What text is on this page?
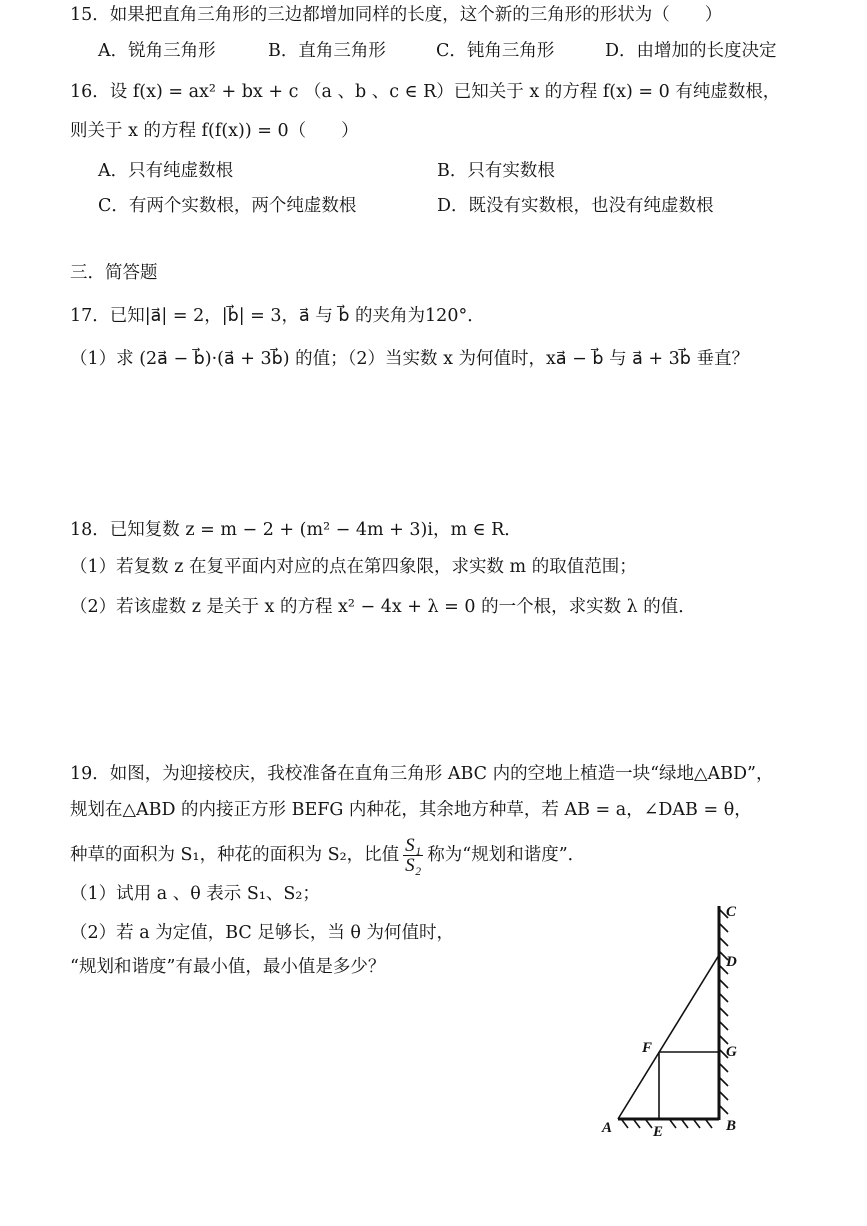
15．如果把直角三角形的三边都增加同样的长度，这个新的三角形的形状为（　　）
A．锐角三角形	B．直角三角形	C．钝角三角形	D．由增加的长度决定
16．设 f(x) = ax² + bx + c （a 、b 、c ∈ R）已知关于 x 的方程 f(x) = 0 有纯虚数根，
则关于 x 的方程 f(f(x)) = 0（　　）
A．只有纯虚数根	B．只有实数根
C．有两个实数根，两个纯虚数根	D．既没有实数根，也没有纯虚数根
三．简答题
17．已知|a⃗| = 2，|b⃗| = 3，a⃗ 与 b⃗ 的夹角为120°．
（1）求 (2a⃗ − b⃗)·(a⃗ + 3b⃗) 的值；（2）当实数 x 为何值时，xa⃗ − b⃗ 与 a⃗ + 3b⃗ 垂直？
18．已知复数 z = m − 2 + (m² − 4m + 3)i，m ∈ R．
（1）若复数 z 在复平面内对应的点在第四象限，求实数 m 的取值范围；
（2）若该虚数 z 是关于 x 的方程 x² − 4x + λ = 0 的一个根，求实数 λ 的值．
19．如图，为迎接校庆，我校准备在直角三角形 ABC 内的空地上植造一块“绿地△ABD”，
规划在△ABD 的内接正方形 BEFG 内种花，其余地方种草，若 AB = a，∠DAB = θ，
种草的面积为 S₁，种花的面积为 S₂，比值 $\frac{\text{S₁}}{\text{S₂}}$ 称为“规划和谐度”．
（1）试用 a 、θ 表示 S₁、S₂；
（2）若 a 为定值，BC 足够长，当 θ 为何值时，
“规划和谐度”有最小值，最小值是多少？
C
D
F	G
A	E	B
